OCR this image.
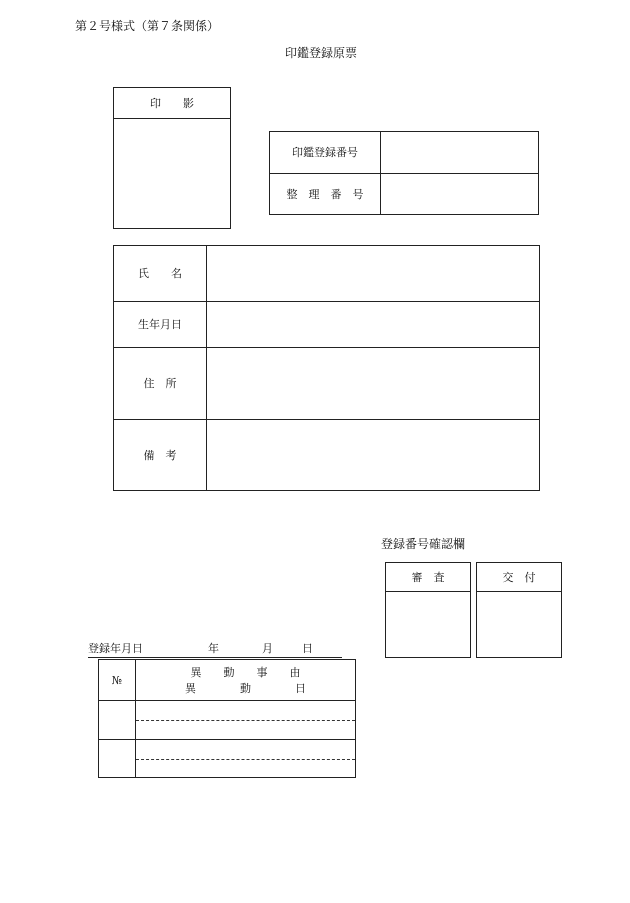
第２号様式（第７条関係）
印鑑登録原票
印　　影
印鑑登録番号
整　理　番　号
氏　　名
生年月日
住　所
備　考
登録番号確認欄
審　査	交　付
登録年月日	年	月	日
№
異　　動　　事　　由
異　　　　動　　　　日
